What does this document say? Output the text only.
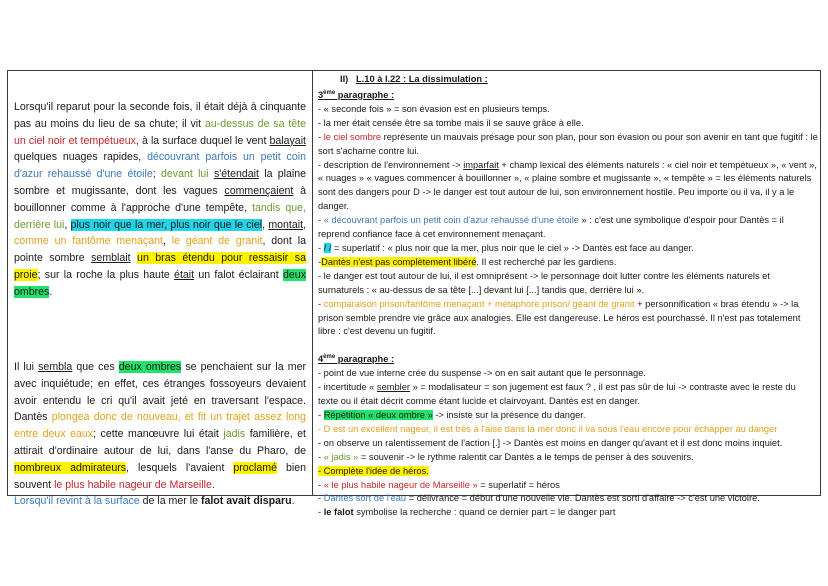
Lorsqu'il reparut pour la seconde fois, il était déjà à cinquante pas au moins du lieu de sa chute; il vit au-dessus de sa tête un ciel noir et tempétueux, à la surface duquel le vent balayait quelques nuages rapides, découvrant parfois un petit coin d'azur rehaussé d'une étoile; devant lui s'étendait la plaine sombre et mugissante, dont les vagues commençaient à bouillonner comme à l'approche d'une tempête, tandis que, derrière lui, plus noir que la mer, plus noir que le ciel, montait, comme un fantôme menaçant, le géant de granit, dont la pointe sombre semblait un bras étendu pour ressaisir sa proie; sur la roche la plus haute était un falot éclairant deux ombres.
Il lui sembla que ces deux ombres se penchaient sur la mer avec inquiétude; en effet, ces étranges fossoyeurs devaient avoir entendu le cri qu'il avait jeté en traversant l'espace. Dantès plongea donc de nouveau, et fit un trajet assez long entre deux eaux; cette manœuvre lui était jadis familière, et attirait d'ordinaire autour de lui, dans l'anse du Pharo, de nombreux admirateurs, lesquels l'avaient proclamé bien souvent le plus habile nageur de Marseille.
Lorsqu'il revint à la surface de la mer le falot avait disparu.

II) L.10 à l.22 : La dissimulation :

3ème paragraphe :

- « seconde fois » = son évasion est en plusieurs temps.

- la mer était censée être sa tombe mais il se sauve grâce à elle.

- le ciel sombre représente un mauvais présage pour son plan, pour son évasion ou pour son avenir en tant que fugitif : le sort s'acharne contre lui.

- description de l'environnement -> imparfait + champ lexical des éléments naturels : « ciel noir et tempétueux », « vent », « nuages » « vagues commencer à bouillonner », « plaine sombre et mugissante », « tempête » = les éléments naturels sont des dangers pour D -> le danger est tout autour de lui, son environnement hostile. Peu importe ou il va, il y a le danger.

- « découvrant parfois un petit coin d'azur rehaussé d'une étoile » : c'est une symbolique d'espoir pour Dantès = il reprend confiance face à cet environnement menaçant.

- / / = superlatif : « plus noir que la mer, plus noir que le ciel » -> Dantès est face au danger.

-Dantès n'est pas complètement libéré. Il est recherché par les gardiens.

- le danger est tout autour de lui, il est omniprésent -> le personnage doit lutter contre les éléments naturels et surnaturels : « au-dessus de sa tête [...] devant lui [...] tandis que, derrière lui ».

- comparaison prison/fantôme menaçant + métaphore prison/ géant de granit + personnification « bras étendu » -> la prison semble prendre vie grâce aux analogies. Elle est dangereuse. Le héros est pourchassé. Il n'est pas totalement libre : c'est devenu un fugitif.

4ème paragraphe :

- point de vue interne crée du suspense -> on en sait autant que le personnage.

- incertitude « sembler » = modalisateur = son jugement est faux ? , il est pas sûr de lui -> contraste avec le reste du texte ou il était décrit comme étant lucide et clairvoyant. Dantès est en danger.

- Répétition « deux ombre » -> insiste sur la présence du danger.

- D est un excellent nageur, il est très à l'aise dans la mer donc il va sous l'eau encore pour échapper au danger

- on observe un ralentissement de l'action [.] -> Dantès est moins en danger qu'avant et il est donc moins inquiet.

- « jadis » = souvenir -> le rythme ralentit car Dantès a le temps de penser à des souvenirs.

- Complète l'idée de héros.

- « le plus habile nageur de Marseille » = superlatif = héros

- Dantès sort de l'eau = délivrance = début d'une nouvelle vie. Dantès est sorti d'affaire -> c'est une victoire.

- le falot symbolise la recherche : quand ce dernier part = le danger part
